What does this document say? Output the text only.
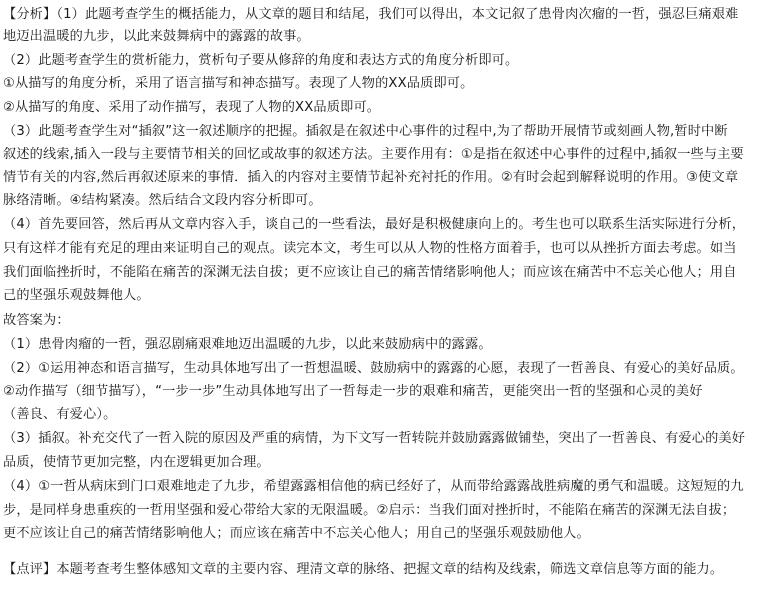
【分析】（1）此题考查学生的概括能力，从文章的题目和结尾，我们可以得出，本文记叙了患骨肉次瘤的一哲，强忍巨痛艰难
地迈出温暖的九步，以此来鼓舞病中的露露的故事。
（2）此题考查学生的赏析能力，赏析句子要从修辞的角度和表达方式的角度分析即可。
①从描写的角度分析，采用了语言描写和神态描写。表现了人物的XX品质即可。
②从描写的角度、采用了动作描写，表现了人物的XX品质即可。
（3）此题考查学生对“插叙”这一叙述顺序的把握。插叙是在叙述中心事件的过程中,为了帮助开展情节或刻画人物,暂时中断
叙述的线索,插入一段与主要情节相关的回忆或故事的叙述方法。主要作用有：①是指在叙述中心事件的过程中,插叙一些与主要
情节有关的内容,然后再叙述原来的事情．插入的内容对主要情节起补充衬托的作用。②有时会起到解释说明的作用。③使文章
脉络清晰。④结构紧凑。然后结合文段内容分析即可。
（4）首先要回答，然后再从文章内容入手，谈自己的一些看法，最好是积极健康向上的。考生也可以联系生活实际进行分析，
只有这样才能有充足的理由来证明自己的观点。读完本文，考生可以从人物的性格方面着手，也可以从挫折方面去考虑。如当
我们面临挫折时，不能陷在痛苦的深渊无法自拔；更不应该让自己的痛苦情绪影响他人；而应该在痛苦中不忘关心他人；用自
己的坚强乐观鼓舞他人。
故答案为：
（1）患骨肉瘤的一哲，强忍剧痛艰难地迈出温暖的九步，以此来鼓励病中的露露。
（2）①运用神态和语言描写，生动具体地写出了一哲想温暖、鼓励病中的露露的心愿，表现了一哲善良、有爱心的美好品质。
②动作描写（细节描写），“一步一步”生动具体地写出了一哲每走一步的艰难和痛苦，更能突出一哲的坚强和心灵的美好
（善良、有爱心）。
（3）插叙。补充交代了一哲入院的原因及严重的病情，为下文写一哲转院并鼓励露露做铺垫，突出了一哲善良、有爱心的美好
品质，使情节更加完整，内在逻辑更加合理。
（4）①一哲从病床到门口艰难地走了九步，希望露露相信他的病已经好了，从而带给露露战胜病魔的勇气和温暖。这短短的九
步，是同样身患重疾的一哲用坚强和爱心带给大家的无限温暖。②启示：当我们面对挫折时，不能陷在痛苦的深渊无法自拔；
更不应该让自己的痛苦情绪影响他人；而应该在痛苦中不忘关心他人；用自己的坚强乐观鼓励他人。
【点评】本题考查考生整体感知文章的主要内容、理清文章的脉络、把握文章的结构及线索，筛选文章信息等方面的能力。
